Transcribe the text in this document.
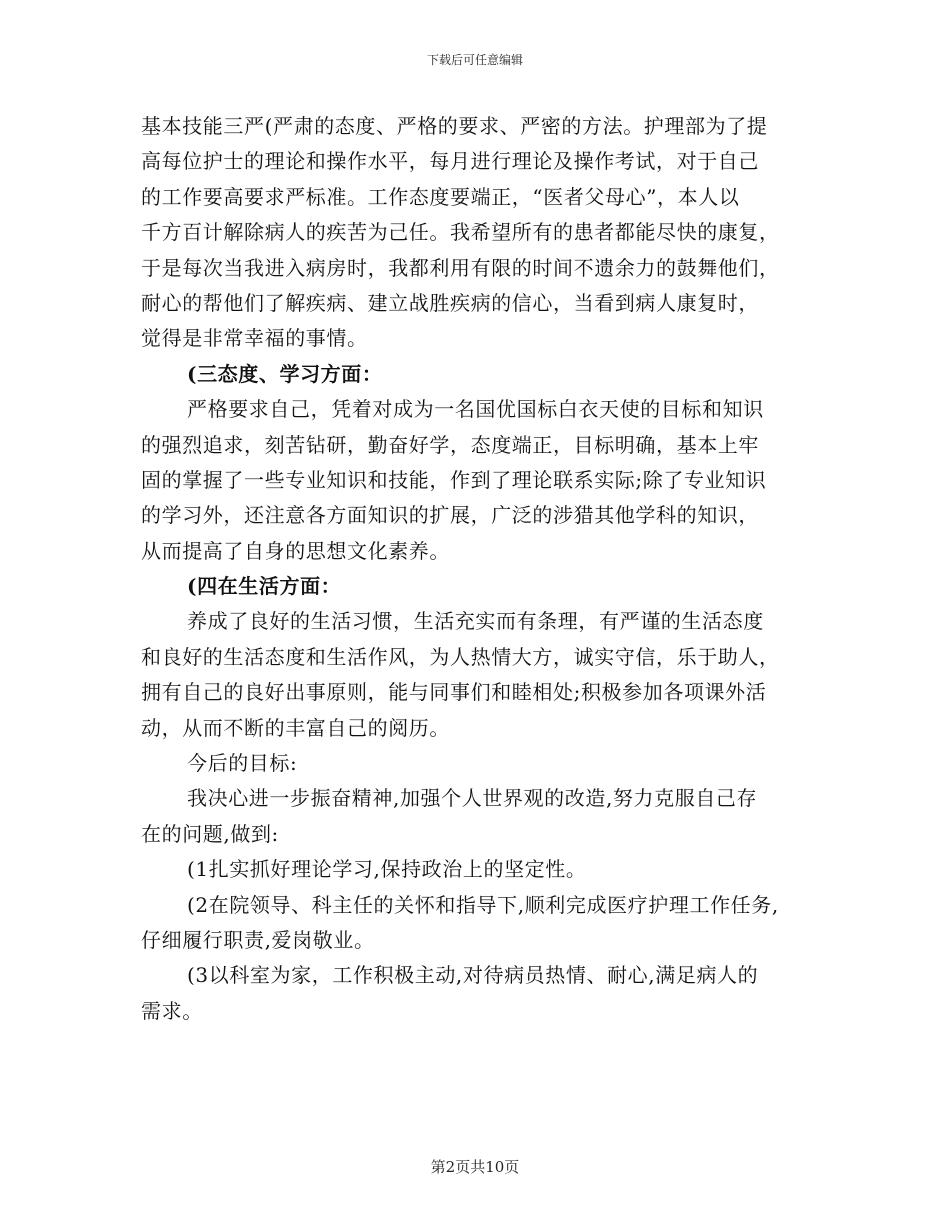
下载后可任意编辑
基本技能三严(严肃的态度、严格的要求、严密的方法。护理部为了提
高每位护士的理论和操作水平，每月进行理论及操作考试，对于自己
的工作要高要求严标准。工作态度要端正，“医者父母心”，本人以
千方百计解除病人的疾苦为己任。我希望所有的患者都能尽快的康复，
于是每次当我进入病房时，我都利用有限的时间不遗余力的鼓舞他们，
耐心的帮他们了解疾病、建立战胜疾病的信心，当看到病人康复时，
觉得是非常幸福的事情。
(三态度、学习方面：
严格要求自己，凭着对成为一名国优国标白衣天使的目标和知识
的强烈追求，刻苦钻研，勤奋好学，态度端正，目标明确，基本上牢
固的掌握了一些专业知识和技能，作到了理论联系实际;除了专业知识
的学习外，还注意各方面知识的扩展，广泛的涉猎其他学科的知识，
从而提高了自身的思想文化素养。
(四在生活方面：
养成了良好的生活习惯，生活充实而有条理，有严谨的生活态度
和良好的生活态度和生活作风，为人热情大方，诚实守信，乐于助人，
拥有自己的良好出事原则，能与同事们和睦相处;积极参加各项课外活
动，从而不断的丰富自己的阅历。
今后的目标:
我决心进一步振奋精神,加强个人世界观的改造,努力克服自己存
在的问题,做到:
(1扎实抓好理论学习,保持政治上的坚定性。
(2在院领导、科主任的关怀和指导下,顺利完成医疗护理工作任务,
仔细履行职责,爱岗敬业。
(3以科室为家，工作积极主动,对待病员热情、耐心,满足病人的
需求。
第2页共10页
